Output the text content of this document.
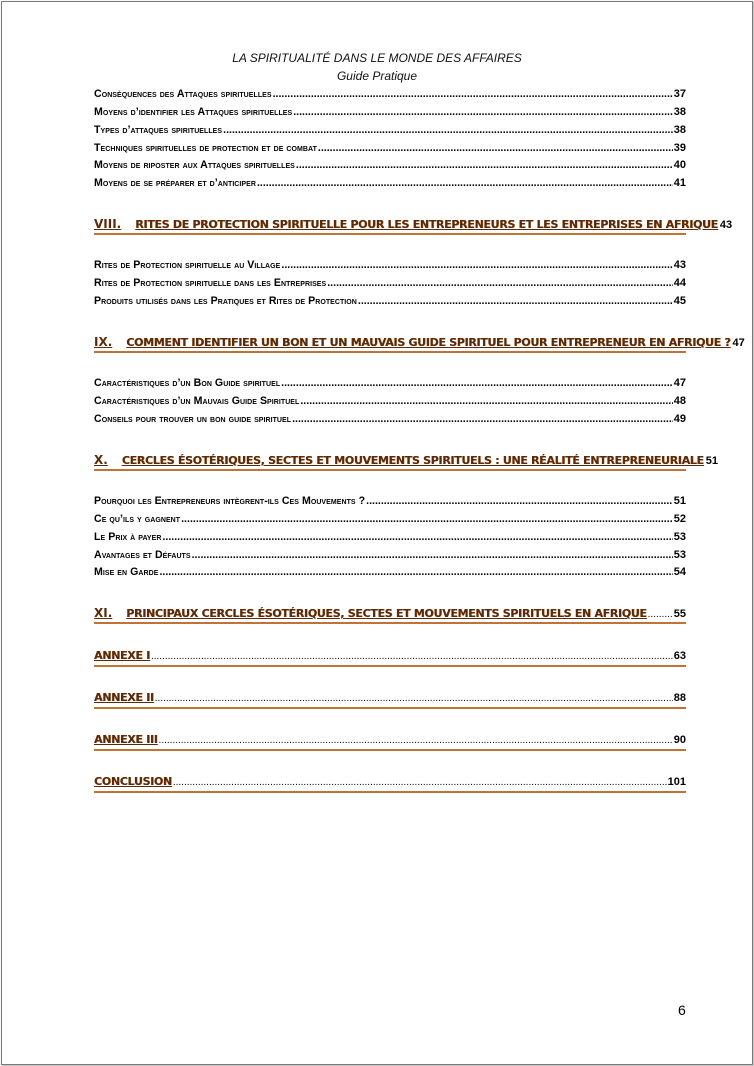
LA SPIRITUALITÉ DANS LE MONDE DES AFFAIRES
Guide Pratique
Conséquences des Attaques spirituelles .....	37
Moyens d’identifier les Attaques spirituelles .....	38
Types d’attaques spirituelles .....	38
Techniques spirituelles de protection et de combat .....	39
Moyens de riposter aux Attaques spirituelles .....	40
Moyens de se préparer et d’anticiper .....	41
VIII. RITES DE PROTECTION SPIRITUELLE POUR LES ENTREPRENEURS ET LES ENTREPRISES EN AFRIQUE 43
Rites de Protection spirituelle au Village .....	43
Rites de Protection spirituelle dans les Entreprises .....	44
Produits utilisés dans les Pratiques et Rites de Protection .....	45
IX. COMMENT IDENTIFIER UN BON ET UN MAUVAIS GUIDE SPIRITUEL POUR ENTREPRENEUR EN AFRIQUE ? 47
Caractéristiques d’un Bon Guide spirituel .....	47
Caractéristiques d’un Mauvais Guide Spirituel .....	48
Conseils pour trouver un bon guide spirituel .....	49
X. CERCLES ÉSOTÉRIQUES, SECTES ET MOUVEMENTS SPIRITUELS : UNE RÉALITÉ ENTREPRENEURIALE 51
Pourquoi les Entrepreneurs intègrent-ils Ces Mouvements ? .....	51
Ce qu’ils y gagnent .....	52
Le Prix à payer .....	53
Avantages et Défauts .....	53
Mise en Garde .....	54
XI. PRINCIPAUX CERCLES ÉSOTÉRIQUES, SECTES ET MOUVEMENTS SPIRITUELS EN AFRIQUE ..... 55
ANNEXE I .....	63
ANNEXE II .....	88
ANNEXE III .....	90
CONCLUSION .....	101
6
